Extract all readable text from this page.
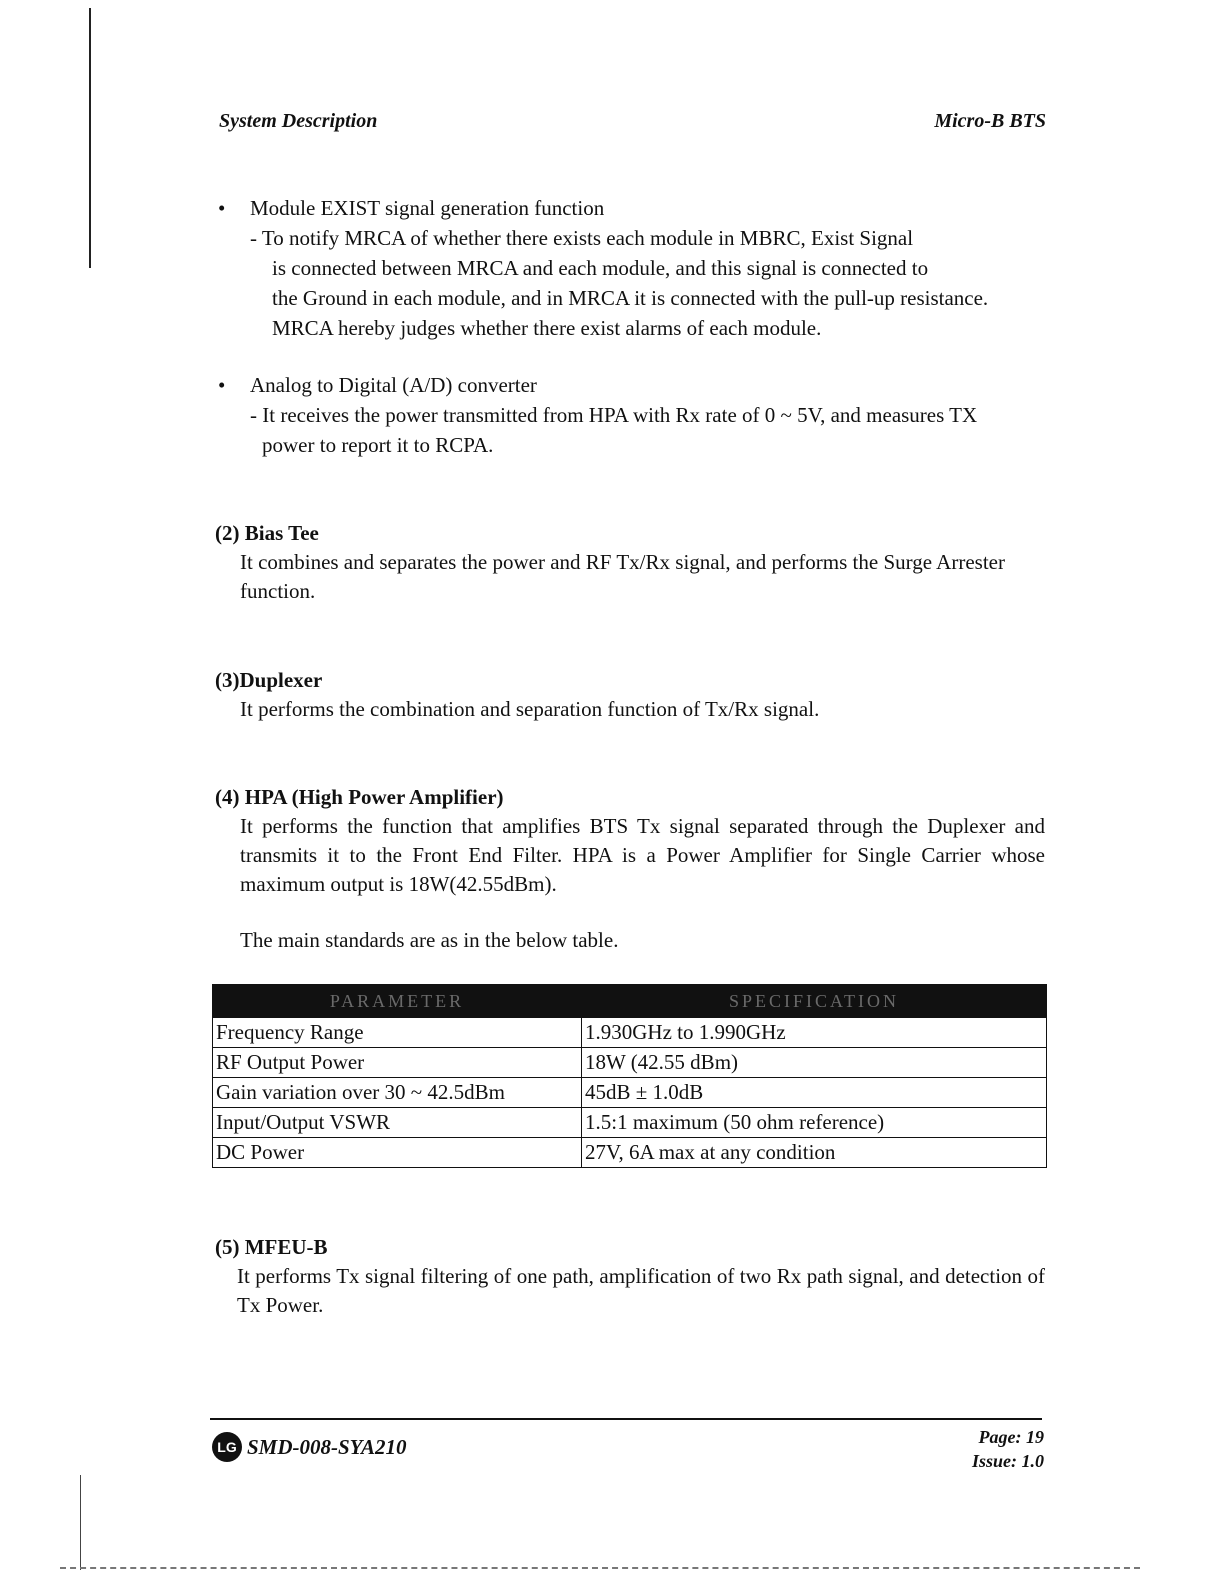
System Description	Micro-B BTS
•	Module EXIST signal generation function
- To notify MRCA of whether there exists each module in MBRC, Exist Signal
is connected between MRCA and each module, and this signal is connected to
the Ground in each module, and in MRCA it is connected with the pull-up resistance.
MRCA hereby judges whether there exist alarms of each module.
•	Analog to Digital (A/D) converter
- It receives the power transmitted from HPA with Rx rate of 0 ~ 5V, and measures TX
power to report it to RCPA.
(2) Bias Tee
It combines and separates the power and RF Tx/Rx signal, and performs the Surge Arrester function.
(3)Duplexer
It performs the combination and separation function of Tx/Rx signal.
(4) HPA (High Power Amplifier)
It performs the function that amplifies BTS Tx signal separated through the Duplexer and transmits it to the Front End Filter. HPA is a Power Amplifier for Single Carrier whose maximum output is 18W(42.55dBm).
The main standards are as in the below table.
PARAMETER	SPECIFICATION
Frequency Range	1.930GHz to 1.990GHz
RF Output Power	18W (42.55 dBm)
Gain variation over 30 ~ 42.5dBm	45dB ± 1.0dB
Input/Output VSWR	1.5:1 maximum (50 ohm reference)
DC Power	27V, 6A max at any condition
(5) MFEU-B
It performs Tx signal filtering of one path, amplification of two Rx path signal, and detection of Tx Power.
LG SMD-008-SYA210	Page: 19
Issue: 1.0
